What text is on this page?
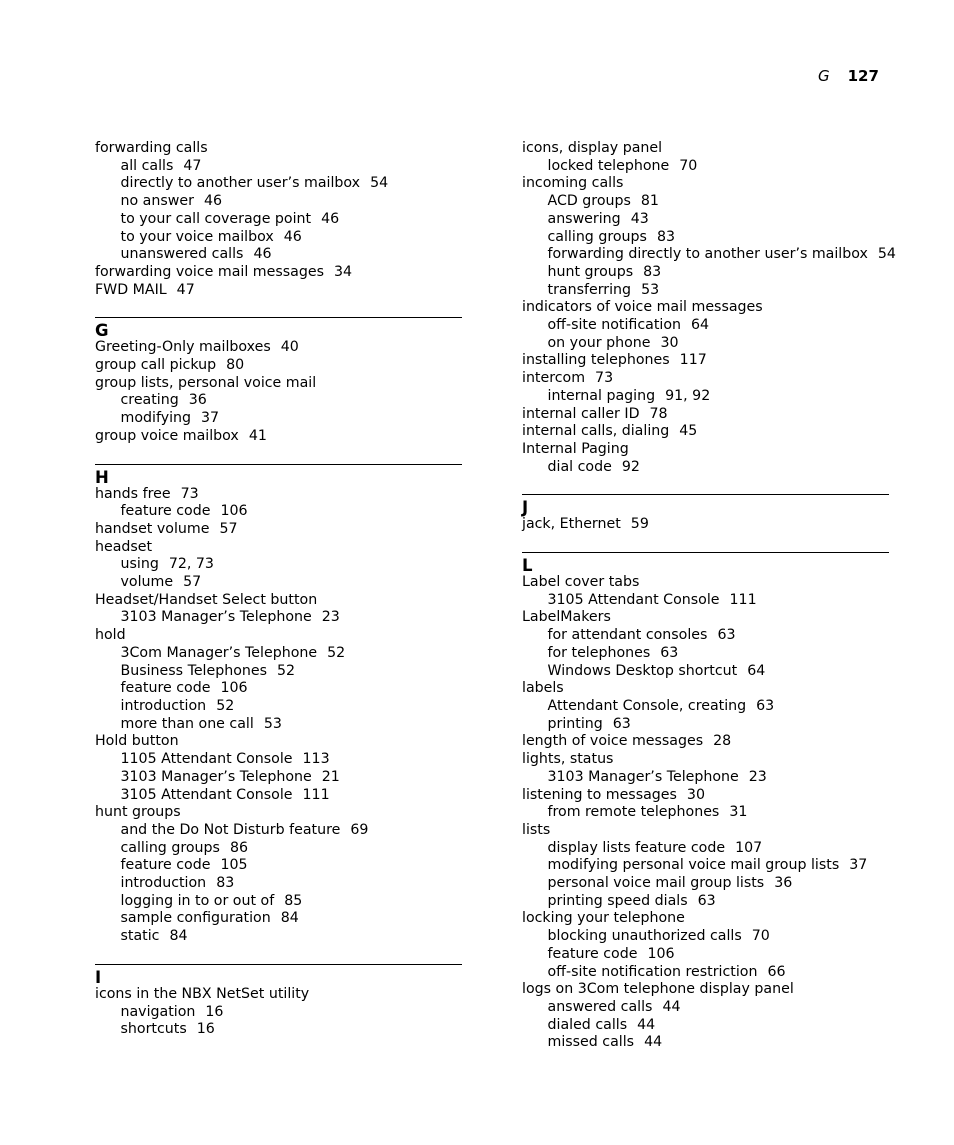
G 127
forwarding calls
all calls 47
directly to another user’s mailbox 54
no answer 46
to your call coverage point 46
to your voice mailbox 46
unanswered calls 46
forwarding voice mail messages 34
FWD MAIL 47
G
Greeting-Only mailboxes 40
group call pickup 80
group lists, personal voice mail
creating 36
modifying 37
group voice mailbox 41
H
hands free 73
feature code 106
handset volume 57
headset
using 72, 73
volume 57
Headset/Handset Select button
3103 Manager’s Telephone 23
hold
3Com Manager’s Telephone 52
Business Telephones 52
feature code 106
introduction 52
more than one call 53
Hold button
1105 Attendant Console 113
3103 Manager’s Telephone 21
3105 Attendant Console 111
hunt groups
and the Do Not Disturb feature 69
calling groups 86
feature code 105
introduction 83
logging in to or out of 85
sample configuration 84
static 84
I
icons in the NBX NetSet utility
navigation 16
shortcuts 16
icons, display panel
locked telephone 70
incoming calls
ACD groups 81
answering 43
calling groups 83
forwarding directly to another user’s mailbox 54
hunt groups 83
transferring 53
indicators of voice mail messages
off-site notification 64
on your phone 30
installing telephones 117
intercom 73
internal paging 91, 92
internal caller ID 78
internal calls, dialing 45
Internal Paging
dial code 92
J
jack, Ethernet 59
L
Label cover tabs
3105 Attendant Console 111
LabelMakers
for attendant consoles 63
for telephones 63
Windows Desktop shortcut 64
labels
Attendant Console, creating 63
printing 63
length of voice messages 28
lights, status
3103 Manager’s Telephone 23
listening to messages 30
from remote telephones 31
lists
display lists feature code 107
modifying personal voice mail group lists 37
personal voice mail group lists 36
printing speed dials 63
locking your telephone
blocking unauthorized calls 70
feature code 106
off-site notification restriction 66
logs on 3Com telephone display panel
answered calls 44
dialed calls 44
missed calls 44
